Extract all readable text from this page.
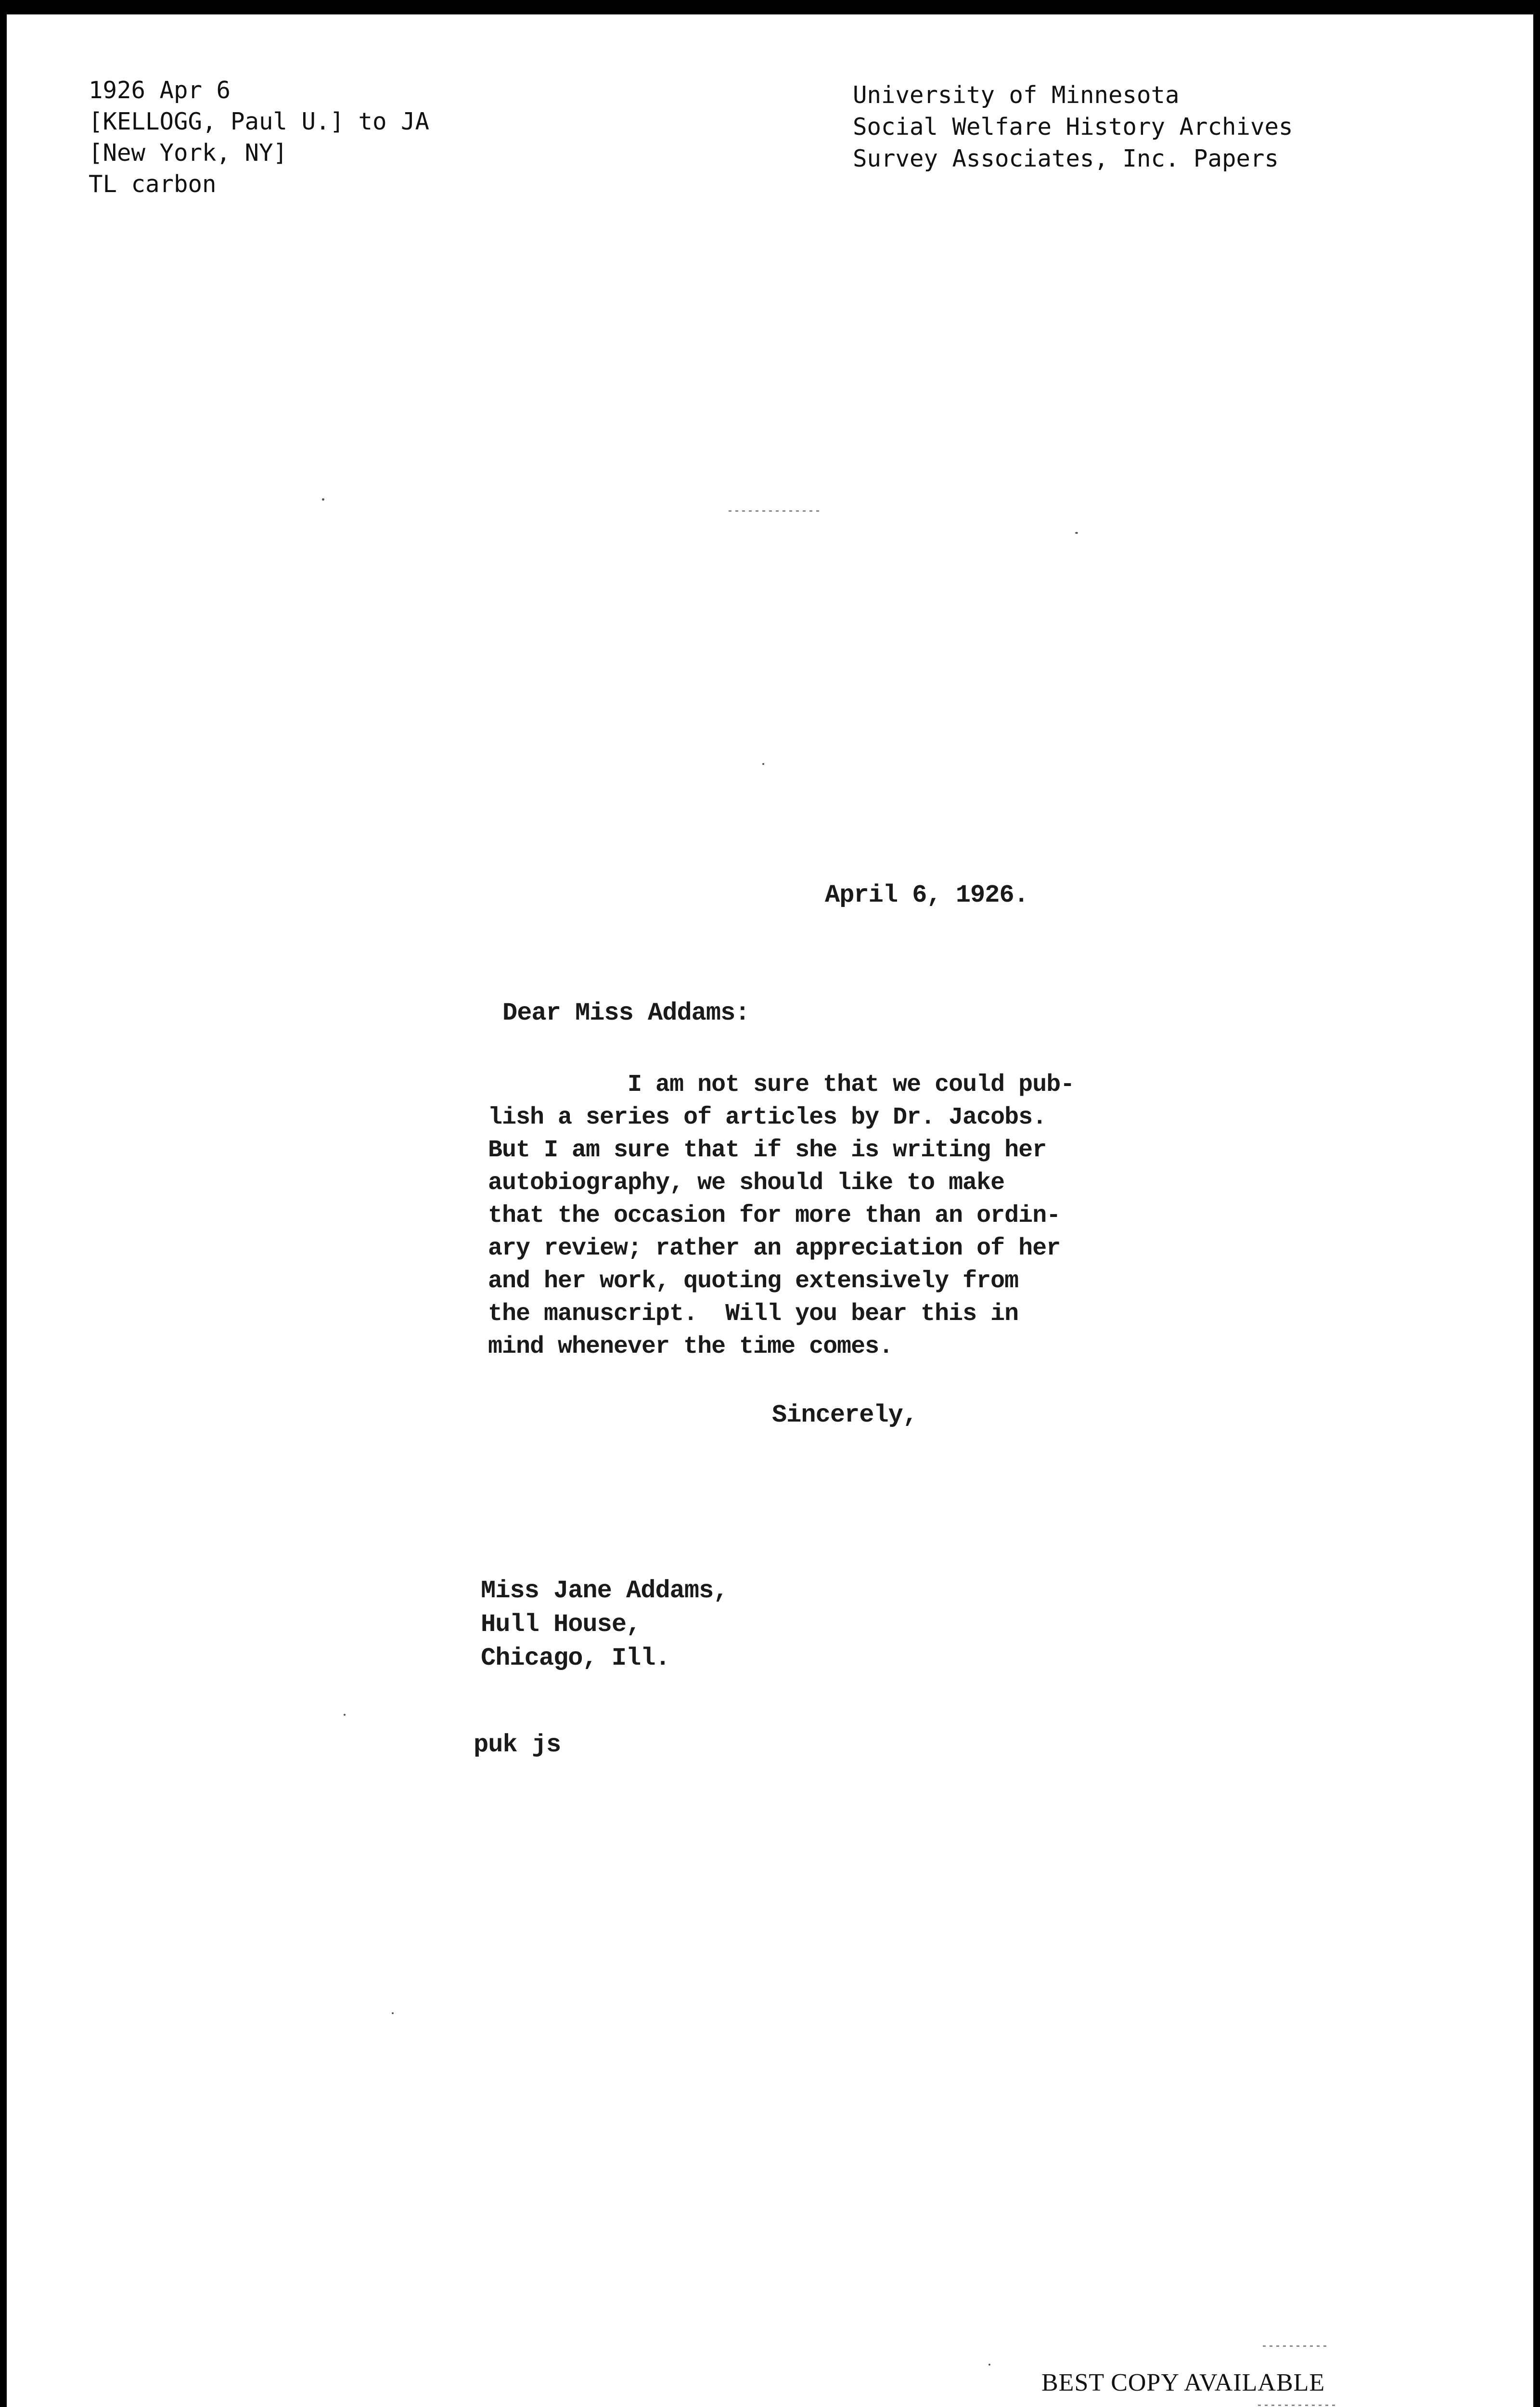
1926 Apr 6
[KELLOGG, Paul U.] to JA
[New York, NY]
TL carbon
University of Minnesota
Social Welfare History Archives
Survey Associates, Inc. Papers
April 6, 1926.
Dear Miss Addams:
I am not sure that we could pub-
lish a series of articles by Dr. Jacobs.
But I am sure that if she is writing her
autobiography, we should like to make
that the occasion for more than an ordin-
ary review; rather an appreciation of her
and her work, quoting extensively from
the manuscript.  Will you bear this in
mind whenever the time comes.
Sincerely,
Miss Jane Addams,
Hull House,
Chicago, Ill.
puk js
BEST COPY AVAILABLE
